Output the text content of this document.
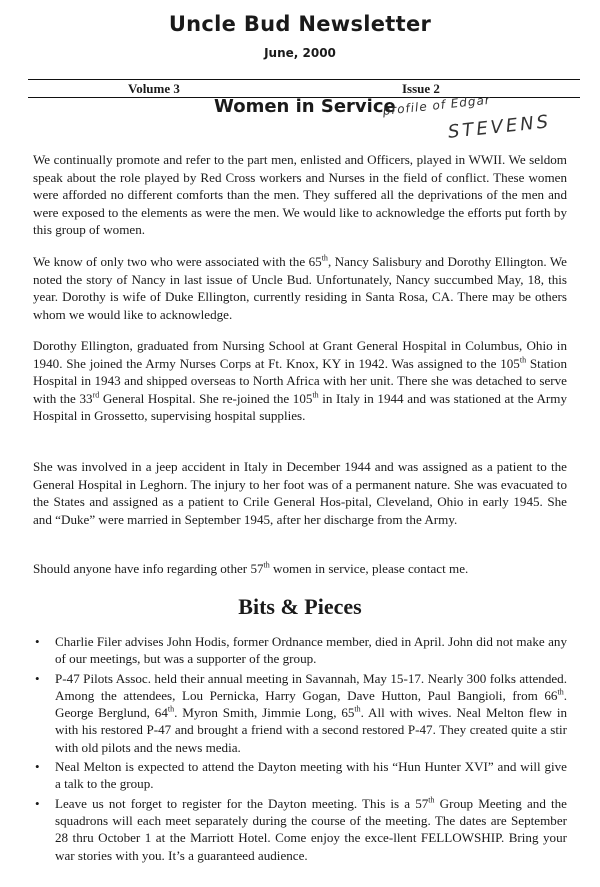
Uncle Bud Newsletter
June, 2000
Volume 3	Issue 2
Women in Service
profile of Edgar
STEVENS

We continually promote and refer to the part men, enlisted and Officers, played in WWII. We seldom speak about the role played by Red Cross workers and Nurses in the field of conflict. These women were afforded no different comforts than the men. They suffered all the deprivations of the men and were exposed to the elements as were the men. We would like to acknowledge the efforts put forth by this group of women.

We know of only two who were associated with the 65th, Nancy Salisbury and Dorothy Ellington. We noted the story of Nancy in last issue of Uncle Bud. Unfortunately, Nancy succumbed May, 18, this year. Dorothy is wife of Duke Ellington, currently residing in Santa Rosa, CA. There may be others whom we would like to acknowledge.

Dorothy Ellington, graduated from Nursing School at Grant General Hospital in Columbus, Ohio in 1940. She joined the Army Nurses Corps at Ft. Knox, KY in 1942. Was assigned to the 105th Station Hospital in 1943 and shipped overseas to North Africa with her unit. There she was detached to serve with the 33rd General Hospital. She re-joined the 105th in Italy in 1944 and was stationed at the Army Hospital in Grossetto, supervising hospital supplies.

She was involved in a jeep accident in Italy in December 1944 and was assigned as a patient to the General Hospital in Leghorn. The injury to her foot was of a permanent nature. She was evacuated to the States and assigned as a patient to Crile General Hos-pital, Cleveland, Ohio in early 1945. She and “Duke” were married in September 1945, after her discharge from the Army.

Should anyone have info regarding other 57th women in service, please contact me.

Bits & Pieces
• Charlie Filer advises John Hodis, former Ordnance member, died in April. John did not make any of our meetings, but was a supporter of the group.
• P-47 Pilots Assoc. held their annual meeting in Savannah, May 15-17. Nearly 300 folks attended. Among the attendees, Lou Pernicka, Harry Gogan, Dave Hutton, Paul Bangioli, from 66th. George Berglund, 64th. Myron Smith, Jimmie Long, 65th. All with wives. Neal Melton flew in with his restored P-47 and brought a friend with a second restored P-47. They created quite a stir with old pilots and the news media.
• Neal Melton is expected to attend the Dayton meeting with his “Hun Hunter XVI” and will give a talk to the group.
• Leave us not forget to register for the Dayton meeting. This is a 57th Group Meeting and the squadrons will each meet separately during the course of the meeting. The dates are September 28 thru October 1 at the Marriott Hotel. Come enjoy the exce-llent FELLOWSHIP. Bring your war stories with you. It’s a guaranteed audience.
